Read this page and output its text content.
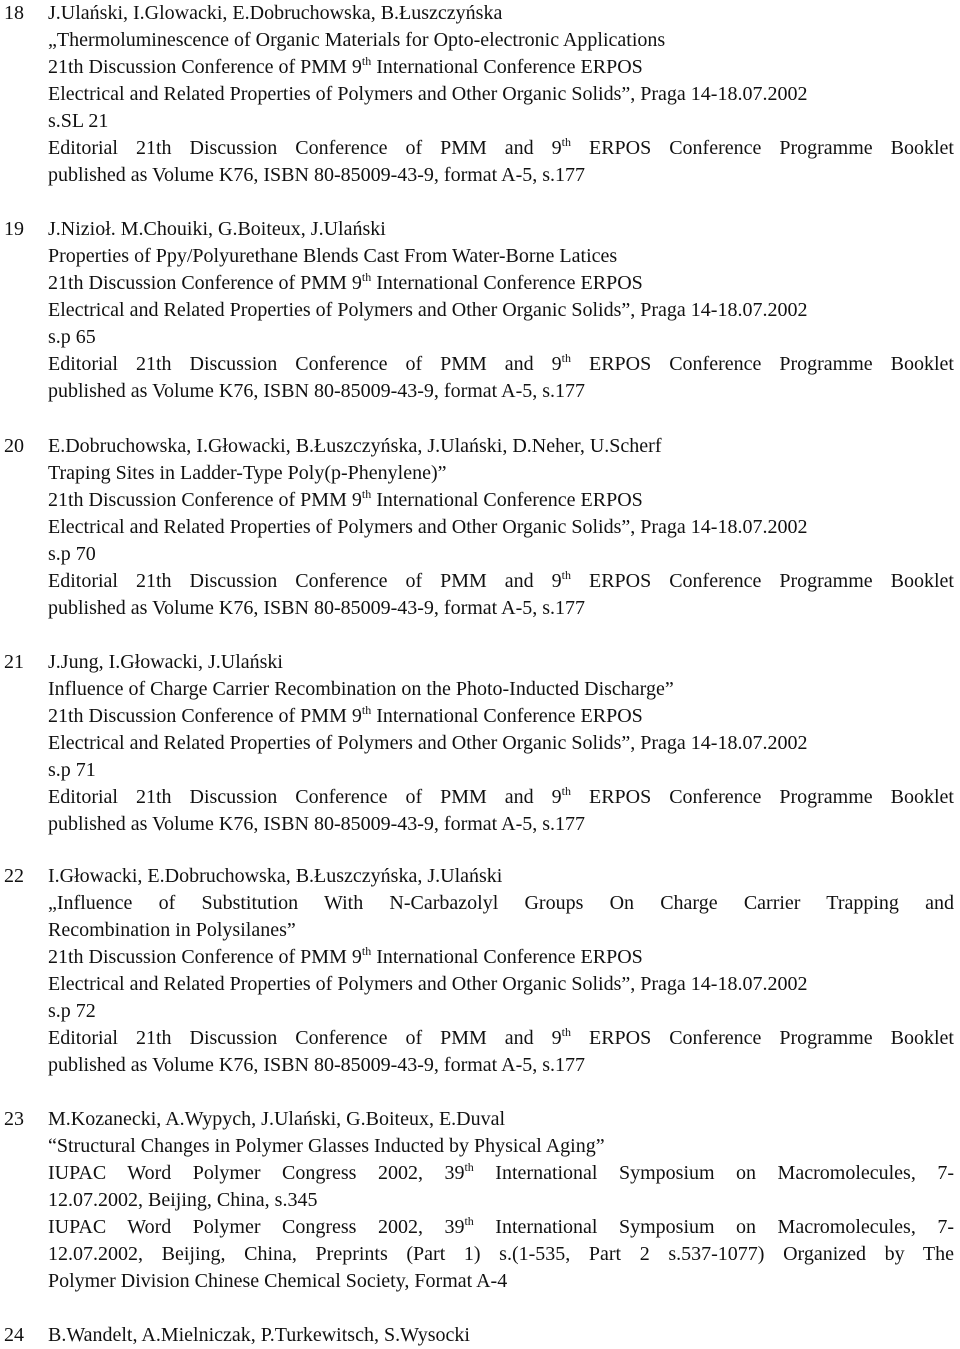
18 J.Ulański, I.Glowacki, E.Dobruchowska, B.Łuszczyńska
„Thermoluminescence of Organic Materials for Opto-electronic Applications
21th Discussion Conference of PMM 9th International Conference ERPOS
Electrical and Related Properties of Polymers and Other Organic Solids”, Praga 14-18.07.2002
s.SL 21
Editorial 21th Discussion Conference of PMM and 9th ERPOS Conference Programme Booklet
published as Volume K76, ISBN 80-85009-43-9, format A-5, s.177
19 J.Nizioł. M.Chouiki, G.Boiteux, J.Ulański
Properties of Ppy/Polyurethane Blends Cast From Water-Borne Latices
21th Discussion Conference of PMM 9th International Conference ERPOS
Electrical and Related Properties of Polymers and Other Organic Solids”, Praga 14-18.07.2002
s.p 65
Editorial 21th Discussion Conference of PMM and 9th ERPOS Conference Programme Booklet
published as Volume K76, ISBN 80-85009-43-9, format A-5, s.177
20 E.Dobruchowska, I.Głowacki, B.Łuszczyńska, J.Ulański, D.Neher, U.Scherf
Traping Sites in Ladder-Type Poly(p-Phenylene)”
21th Discussion Conference of PMM 9th International Conference ERPOS
Electrical and Related Properties of Polymers and Other Organic Solids”, Praga 14-18.07.2002
s.p 70
Editorial 21th Discussion Conference of PMM and 9th ERPOS Conference Programme Booklet
published as Volume K76, ISBN 80-85009-43-9, format A-5, s.177
21 J.Jung, I.Głowacki, J.Ulański
Influence of Charge Carrier Recombination on the Photo-Inducted Discharge”
21th Discussion Conference of PMM 9th International Conference ERPOS
Electrical and Related Properties of Polymers and Other Organic Solids”, Praga 14-18.07.2002
s.p 71
Editorial 21th Discussion Conference of PMM and 9th ERPOS Conference Programme Booklet
published as Volume K76, ISBN 80-85009-43-9, format A-5, s.177
22 I.Głowacki, E.Dobruchowska, B.Łuszczyńska, J.Ulański
„Influence of Substitution With N-Carbazolyl Groups On Charge Carrier Trapping and
Recombination in Polysilanes”
21th Discussion Conference of PMM 9th International Conference ERPOS
Electrical and Related Properties of Polymers and Other Organic Solids”, Praga 14-18.07.2002
s.p 72
Editorial 21th Discussion Conference of PMM and 9th ERPOS Conference Programme Booklet
published as Volume K76, ISBN 80-85009-43-9, format A-5, s.177
23 M.Kozanecki, A.Wypych, J.Ulański, G.Boiteux, E.Duval
“Structural Changes in Polymer Glasses Inducted by Physical Aging”
IUPAC Word Polymer Congress 2002, 39th International Symposium on Macromolecules, 7-
12.07.2002, Beijing, China, s.345
IUPAC Word Polymer Congress 2002, 39th International Symposium on Macromolecules, 7-
12.07.2002, Beijing, China, Preprints (Part 1) s.(1-535, Part 2 s.537-1077) Organized by The
Polymer Division Chinese Chemical Society, Format A-4
24 B.Wandelt, A.Mielniczak, P.Turkewitsch, S.Wysocki
